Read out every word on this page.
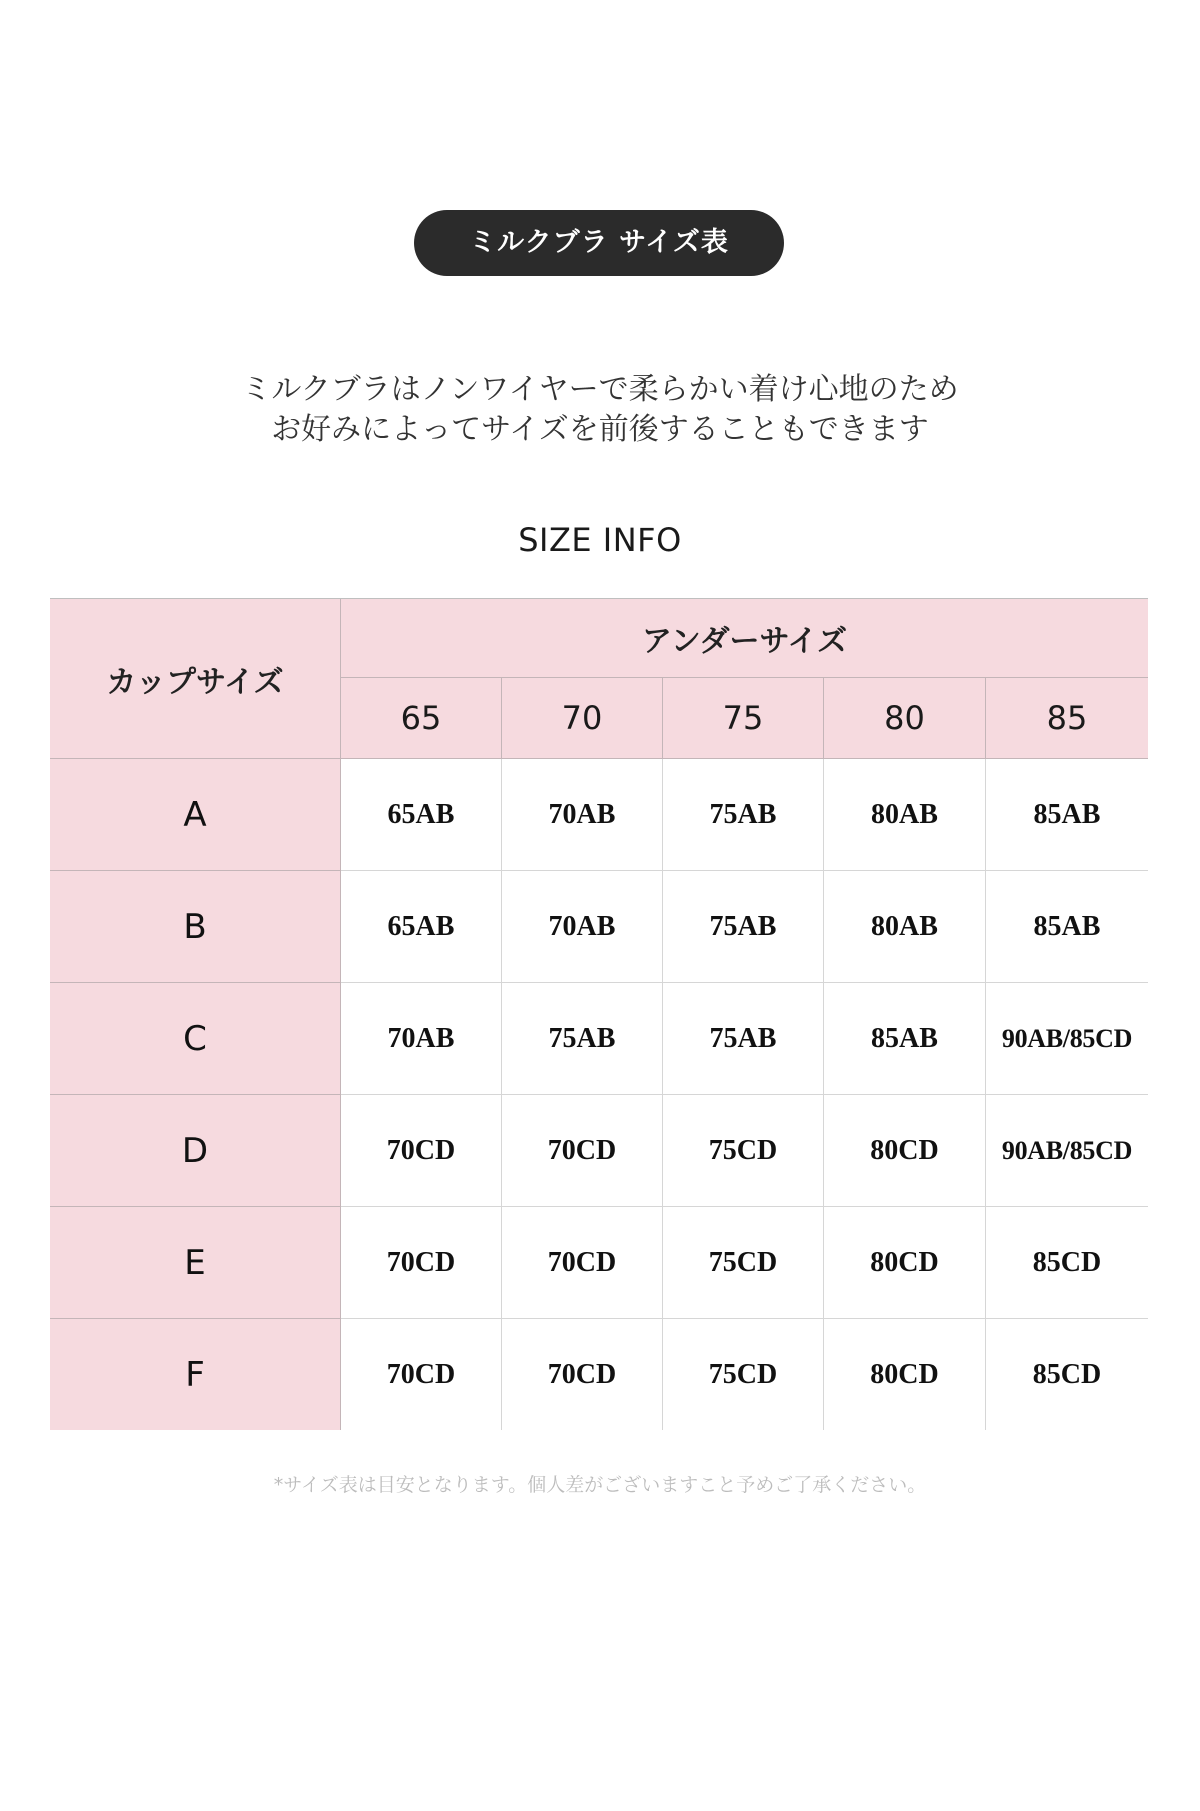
ミルクブラ サイズ表
ミルクブラはノンワイヤーで柔らかい着け心地のため
お好みによってサイズを前後することもできます
SIZE INFO
カップサイズ
アンダーサイズ
65	70	75	80	85
A	65AB	70AB	75AB	80AB	85AB
B	65AB	70AB	75AB	80AB	85AB
C	70AB	75AB	75AB	85AB	90AB/85CD
D	70CD	70CD	75CD	80CD	90AB/85CD
E	70CD	70CD	75CD	80CD	85CD
F	70CD	70CD	75CD	80CD	85CD
*サイズ表は目安となります。個人差がございますこと予めご了承ください。
